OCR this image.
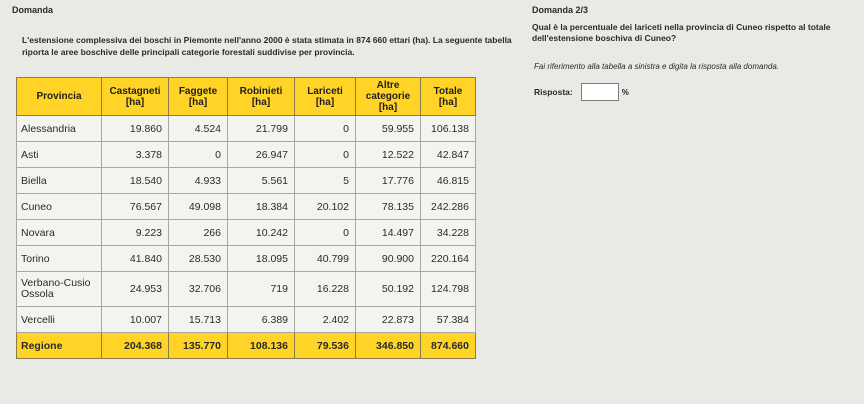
Domanda
L'estensione complessiva dei boschi in Piemonte nell'anno 2000 è stata stimata in 874 660 ettari (ha). La seguente tabella riporta le aree boschive delle principali categorie forestali suddivise per provincia.
Provincia	Castagneti [ha]	Faggete [ha]	Robinieti [ha]	Lariceti [ha]	Altre categorie [ha]	Totale [ha]
Alessandria	19.860	4.524	21.799	0	59.955	106.138
Asti	3.378	0	26.947	0	12.522	42.847
Biella	18.540	4.933	5.561	5	17.776	46.815
Cuneo	76.567	49.098	18.384	20.102	78.135	242.286
Novara	9.223	266	10.242	0	14.497	34.228
Torino	41.840	28.530	18.095	40.799	90.900	220.164
Verbano-Cusio Ossola	24.953	32.706	719	16.228	50.192	124.798
Vercelli	10.007	15.713	6.389	2.402	22.873	57.384
Regione	204.368	135.770	108.136	79.536	346.850	874.660
Domanda 2/3
Qual è la percentuale dei lariceti nella provincia di Cuneo rispetto al totale dell'estensione boschiva di Cuneo?
Fai riferimento alla tabella a sinistra e digita la risposta alla domanda.
Risposta:	%
